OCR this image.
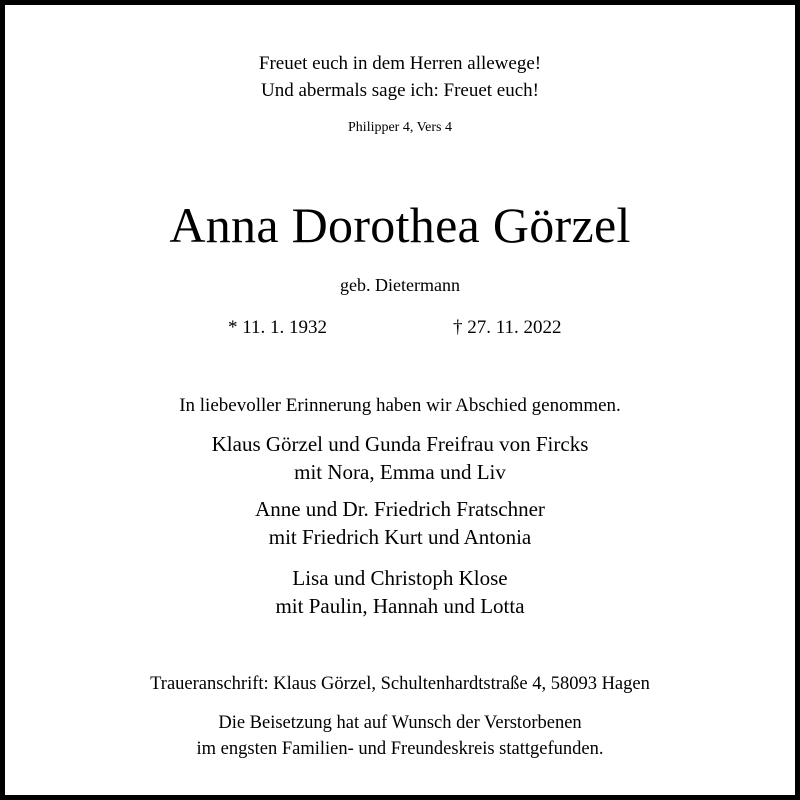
Freuet euch in dem Herren allewege!
Und abermals sage ich: Freuet euch!
Philipper 4, Vers 4
Anna Dorothea Görzel
geb. Dietermann
* 11. 1. 1932	† 27. 11. 2022
In liebevoller Erinnerung haben wir Abschied genommen.
Klaus Görzel und Gunda Freifrau von Fircks
mit Nora, Emma und Liv
Anne und Dr. Friedrich Fratschner
mit Friedrich Kurt und Antonia
Lisa und Christoph Klose
mit Paulin, Hannah und Lotta
Traueranschrift: Klaus Görzel, Schultenhardtstraße 4, 58093 Hagen
Die Beisetzung hat auf Wunsch der Verstorbenen
im engsten Familien- und Freundeskreis stattgefunden.
